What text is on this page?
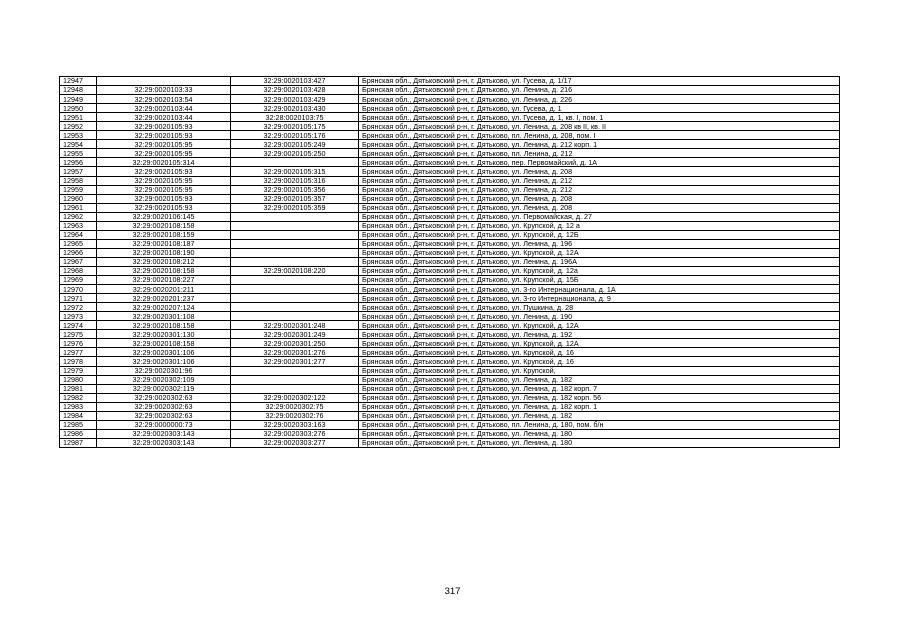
12947		32:29:0020103:427	Брянская обл., Дятьковский р-н, г. Дятьково, ул. Гусева, д. 1/17
12948	32:29:0020103:33	32:29:0020103:428	Брянская обл., Дятьковский р-н, г. Дятьково, ул. Ленина, д. 216
12949	32:29:0020103:54	32:29:0020103:429	Брянская обл., Дятьковский р-н, г. Дятьково, ул. Ленина, д. 226
12950	32:29:0020103:44	32:29:0020103:430	Брянская обл., Дятьковский р-н, г. Дятьково, ул. Гусева, д. 1
12951	32:29:0020103:44	32:28:0020103:75	Брянская обл., Дятьковский р-н, г. Дятьково, ул. Гусева, д. 1, кв. I, пом. 1
12952	32:29:0020105:93	32:29:0020105:175	Брянская обл., Дятьковский р-н, г. Дятьково, ул. Ленина, д. 208 кв II, кв. II
12953	32:29:0020105:93	32:29:0020105:176	Брянская обл., Дятьковский р-н, г. Дятьково, пл. Ленина, д. 208, пом. I
12954	32:29:0020105:95	32:29:0020105:249	Брянская обл., Дятьковский р-н, г. Дятьково, ул. Ленина, д. 212 корп. 1
12955	32:29:0020105:95	32:29:0020105:250	Брянская обл., Дятьковский р-н, г. Дятьково, пл. Ленина, д. 212
12956	32:29:0020105:314		Брянская обл., Дятьковский р-н, г. Дятьково, пер. Первомайский, д. 1А
12957	32:29:0020105:93	32:29:0020105:315	Брянская обл., Дятьковский р-н, г. Дятьково, ул. Ленина, д. 208
12958	32:29:0020105:95	32:29:0020105:316	Брянская обл., Дятьковский р-н, г. Дятьково, ул. Ленина, д. 212
12959	32:29:0020105:95	32:29:0020105:356	Брянская обл., Дятьковский р-н, г. Дятьково, ул. Ленина, д. 212
12960	32:29:0020105:93	32:29:0020105:357	Брянская обл., Дятьковский р-н, г. Дятьково, ул. Ленина, д. 208
12961	32:29:0020105:93	32:29:0020105:359	Брянская обл., Дятьковский р-н, г. Дятьково, ул. Ленина, д. 208
12962	32:29:0020106:145		Брянская обл., Дятьковский р-н, г. Дятьково, ул. Первомайская, д. 27
12963	32:29:0020108:158		Брянская обл., Дятьковский р-н, г. Дятьково, ул. Крупской, д. 12 а
12964	32:29:0020108:159		Брянская обл., Дятьковский р-н, г. Дятьково, ул. Крупской, д. 12Б
12965	32:29:0020108:187		Брянская обл., Дятьковский р-н, г. Дятьково, ул. Ленина, д. 196
12966	32:29:0020108:190		Брянская обл., Дятьковский р-н, г. Дятьково, ул. Крупской, д. 12А
12967	32:29:0020108:212		Брянская обл., Дятьковский р-н, г. Дятьково, ул. Ленина, д. 196А
12968	32:29:0020108:158	32:29:0020108:220	Брянская обл., Дятьковский р-н, г. Дятьково, ул. Крупской, д. 12а
12969	32:29:0020108:227		Брянская обл., Дятьковский р-н, г. Дятьково, ул. Крупской, д. 15Б
12970	32:29:0020201:211		Брянская обл., Дятьковский р-н, г. Дятьково, ул. 3-го Интернационала, д. 1А
12971	32:29:0020201:237		Брянская обл., Дятьковский р-н, г. Дятьково, ул. 3-го Интернационала, д. 9
12972	32:29:0020207:124		Брянская обл., Дятьковский р-н, г. Дятьково, ул. Пушкина, д. 28
12973	32:29:0020301:108		Брянская обл., Дятьковский р-н, г. Дятьково, ул. Ленина, д. 190
12974	32:29:0020108:158	32:29:0020301:248	Брянская обл., Дятьковский р-н, г. Дятьково, ул. Крупской, д. 12А
12975	32:29:0020301:130	32:29:0020301:249	Брянская обл., Дятьковский р-н, г. Дятьково, ул. Ленина, д. 192
12976	32:29:0020108:158	32:29:0020301:250	Брянская обл., Дятьковский р-н, г. Дятьково, ул. Крупской, д. 12А
12977	32:29:0020301:106	32:29:0020301:276	Брянская обл., Дятьковский р-н, г. Дятьково, ул. Крупской, д. 16
12978	32:29:0020301:106	32:29:0020301:277	Брянская обл., Дятьковский р-н, г. Дятьково, ул. Крупской, д. 16
12979	32:29:0020301:96		Брянская обл., Дятьковский р-н, г. Дятьково, ул. Крупской,
12980	32:29:0020302:109		Брянская обл., Дятьковский р-н, г. Дятьково, ул. Ленина, д. 182
12981	32:29:0020302:119		Брянская обл., Дятьковский р-н, г. Дятьково, ул. Ленина, д. 182 корп. 7
12982	32:29:0020302:63	32:29:0020302:122	Брянская обл., Дятьковский р-н, г. Дятьково, ул. Ленина, д. 182 корп. 56
12983	32:29:0020302:63	32:29:0020302:75	Брянская обл., Дятьковский р-н, г. Дятьково, ул. Ленина, д. 182 корп. 1
12984	32:29:0020302:63	32:29:0020302:76	Брянская обл., Дятьковский р-н, г. Дятьково, ул. Ленина, д. 182
12985	32:29:0000000:73	32:29:0020303:163	Брянская обл., Дятьковский р-н, г. Дятьково, пл. Ленина, д. 180, пом. б/н
12986	32:29:0020303:143	32:29:0020303:276	Брянская обл., Дятьковский р-н, г. Дятьково, ул. Ленина, д. 180
12987	32:29:0020303:143	32:29:0020303:277	Брянская обл., Дятьковский р-н, г. Дятьково, ул. Ленина, д. 180
317
